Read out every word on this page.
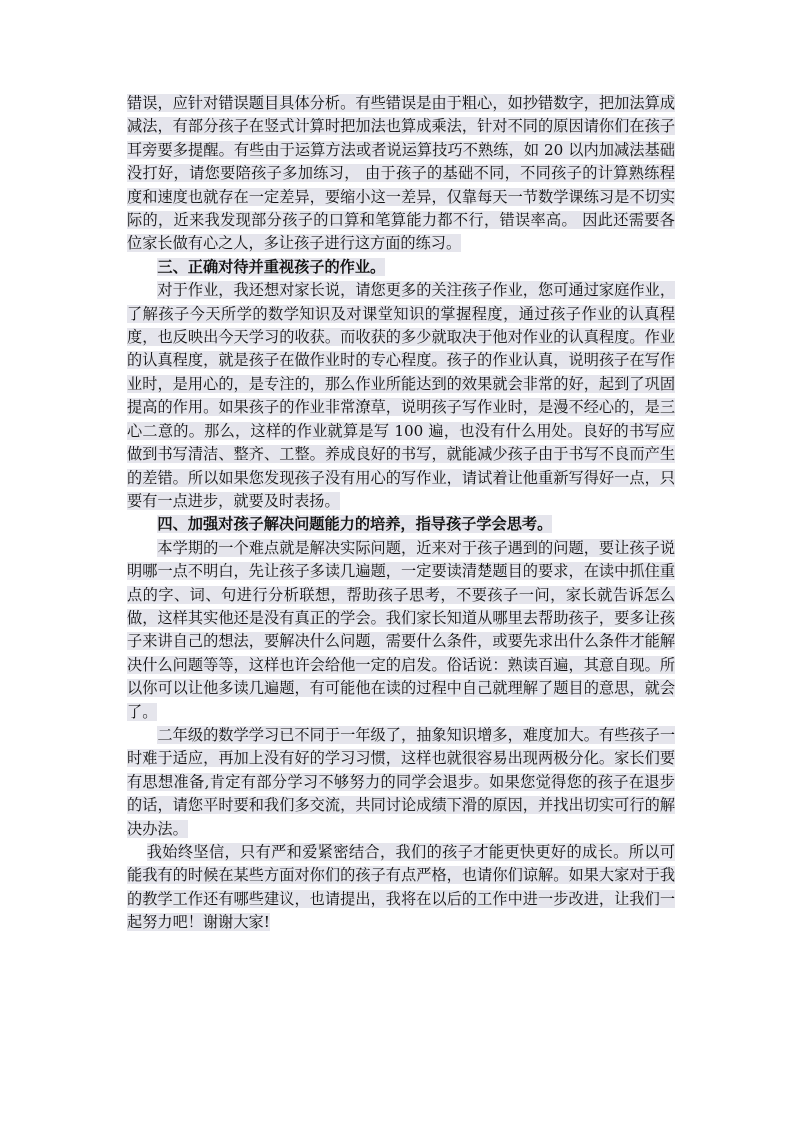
错误，应针对错误题目具体分析。有些错误是由于粗心，如抄错数字，把加法算成减法，有部分孩子在竖式计算时把加法也算成乘法，针对不同的原因请你们在孩子耳旁要多提醒。有些由于运算方法或者说运算技巧不熟练，如 20 以内加减法基础没打好，请您要陪孩子多加练习， 由于孩子的基础不同，不同孩子的计算熟练程度和速度也就存在一定差异，要缩小这一差异，仅靠每天一节数学课练习是不切实际的，近来我发现部分孩子的口算和笔算能力都不行，错误率高。 因此还需要各位家长做有心之人，多让孩子进行这方面的练习。

三、正确对待并重视孩子的作业。

对于作业，我还想对家长说，请您更多的关注孩子作业，您可通过家庭作业，了解孩子今天所学的数学知识及对课堂知识的掌握程度，通过孩子作业的认真程度，也反映出今天学习的收获。而收获的多少就取决于他对作业的认真程度。作业的认真程度，就是孩子在做作业时的专心程度。孩子的作业认真，说明孩子在写作业时，是用心的，是专注的，那么作业所能达到的效果就会非常的好，起到了巩固提高的作用。如果孩子的作业非常潦草，说明孩子写作业时，是漫不经心的，是三心二意的。那么，这样的作业就算是写 100 遍，也没有什么用处。良好的书写应做到书写清洁、整齐、工整。养成良好的书写，就能减少孩子由于书写不良而产生的差错。所以如果您发现孩子没有用心的写作业，请试着让他重新写得好一点，只要有一点进步，就要及时表扬。

四、加强对孩子解决问题能力的培养，指导孩子学会思考。

本学期的一个难点就是解决实际问题，近来对于孩子遇到的问题，要让孩子说明哪一点不明白，先让孩子多读几遍题，一定要读清楚题目的要求，在读中抓住重点的字、词、句进行分析联想，帮助孩子思考，不要孩子一问，家长就告诉怎么做，这样其实他还是没有真正的学会。我们家长知道从哪里去帮助孩子，要多让孩子来讲自己的想法，要解决什么问题，需要什么条件，或要先求出什么条件才能解决什么问题等等，这样也许会给他一定的启发。俗话说：熟读百遍，其意自现。所以你可以让他多读几遍题，有可能他在读的过程中自己就理解了题目的意思，就会了。

二年级的数学学习已不同于一年级了，抽象知识增多，难度加大。有些孩子一时难于适应，再加上没有好的学习习惯，这样也就很容易出现两极分化。家长们要有思想准备,肯定有部分学习不够努力的同学会退步。如果您觉得您的孩子在退步的话，请您平时要和我们多交流，共同讨论成绩下滑的原因，并找出切实可行的解决办法。

我始终坚信，只有严和爱紧密结合，我们的孩子才能更快更好的成长。所以可能我有的时候在某些方面对你们的孩子有点严格，也请你们谅解。如果大家对于我的教学工作还有哪些建议，也请提出，我将在以后的工作中进一步改进，让我们一起努力吧！谢谢大家!
